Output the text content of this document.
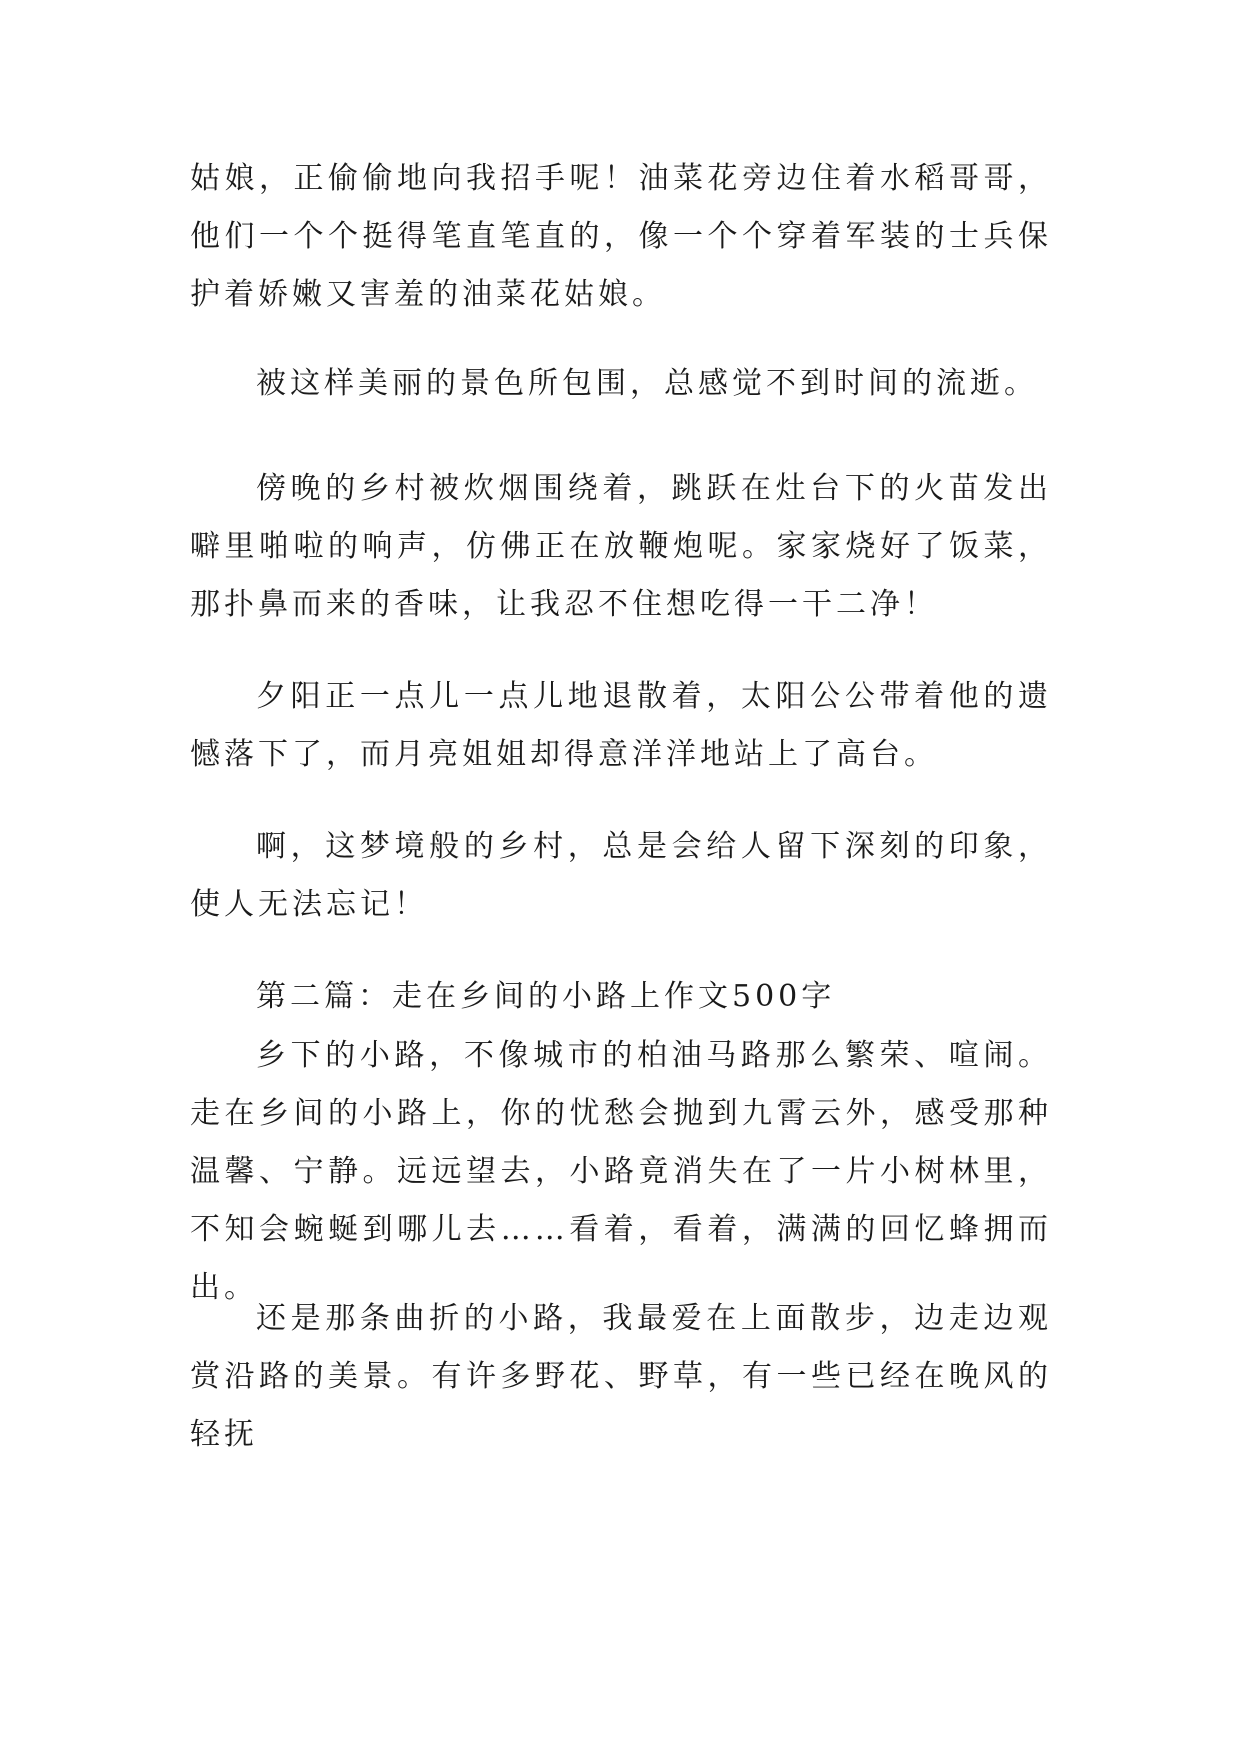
姑娘，正偷偷地向我招手呢！油菜花旁边住着水稻哥哥，他们一个个挺得笔直笔直的，像一个个穿着军装的士兵保护着娇嫩又害羞的油菜花姑娘。

被这样美丽的景色所包围，总感觉不到时间的流逝。

傍晚的乡村被炊烟围绕着，跳跃在灶台下的火苗发出噼里啪啦的响声，仿佛正在放鞭炮呢。家家烧好了饭菜，那扑鼻而来的香味，让我忍不住想吃得一干二净！

夕阳正一点儿一点儿地退散着，太阳公公带着他的遗憾落下了，而月亮姐姐却得意洋洋地站上了高台。

啊，这梦境般的乡村，总是会给人留下深刻的印象，使人无法忘记！

第二篇：走在乡间的小路上作文500字

乡下的小路，不像城市的柏油马路那么繁荣、喧闹。走在乡间的小路上，你的忧愁会抛到九霄云外，感受那种温馨、宁静。远远望去，小路竟消失在了一片小树林里，不知会蜿蜒到哪儿去……看着，看着，满满的回忆蜂拥而出。

还是那条曲折的小路，我最爱在上面散步，边走边观赏沿路的美景。有许多野花、野草，有一些已经在晚风的轻抚
